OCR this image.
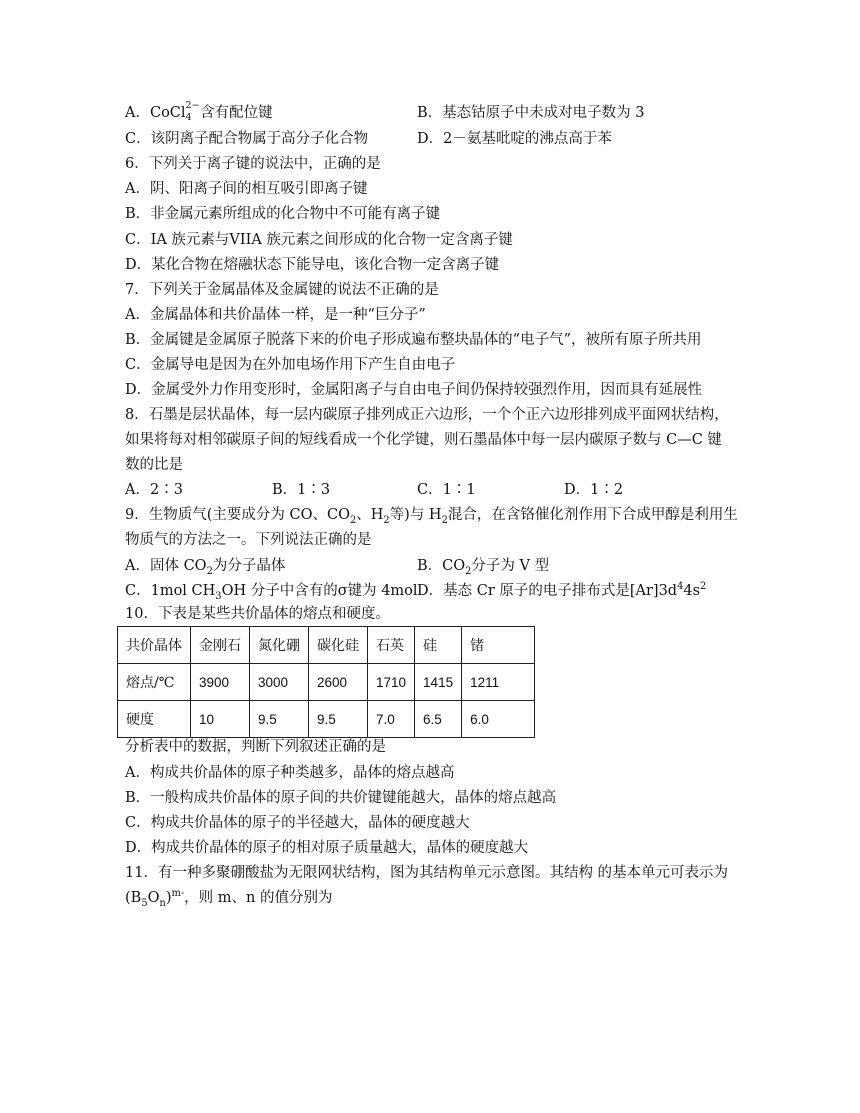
A．CoCl 2−
4 含有配位键	B．基态钴原子中未成对电子数为 3
C．该阴离子配合物属于高分子化合物	D．2－氨基吡啶的沸点高于苯
6．下列关于离子键的说法中，正确的是
A．阴、阳离子间的相互吸引即离子键
B．非金属元素所组成的化合物中不可能有离子键
C．IA 族元素与VIIA 族元素之间形成的化合物一定含离子键
D．某化合物在熔融状态下能导电，该化合物一定含离子键
7．下列关于金属晶体及金属键的说法不正确的是
A．金属晶体和共价晶体一样，是一种“巨分子”
B．金属键是金属原子脱落下来的价电子形成遍布整块晶体的“电子气”，被所有原子所共用
C．金属导电是因为在外加电场作用下产生自由电子
D．金属受外力作用变形时，金属阳离子与自由电子间仍保持较强烈作用，因而具有延展性
8．石墨是层状晶体，每一层内碳原子排列成正六边形，一个个正六边形排列成平面网状结构，
如果将每对相邻碳原子间的短线看成一个化学键，则石墨晶体中每一层内碳原子数与 C—C 键
数的比是
A．2∶3	B．1∶3	C．1∶1	D．1∶2
9．生物质气(主要成分为 CO、$CO_2$、$H_2$等)与 $H_2$混合，在含铬催化剂作用下合成甲醇是利用生
物质气的方法之一。下列说法正确的是
A．固体 $CO_2$为分子晶体	B．$CO_2$分子为 V 型
C．1mol $CH_3OH$ 分子中含有的σ键为 4mol D．基态 Cr 原子的电子排布式是$[Ar]3d^44s^2$
10．下表是某些共价晶体的熔点和硬度。
共价晶体	金刚石	氮化硼	碳化硅	石英	硅	锗
熔点/℃	3900	3000	2600	1710	1415	1211
硬度	10	9.5	9.5	7.0	6.5	6.0
分析表中的数据，判断下列叙述正确的是
A．构成共价晶体的原子种类越多，晶体的熔点越高
B．一般构成共价晶体的原子间的共价键键能越大，晶体的熔点越高
C．构成共价晶体的原子的半径越大，晶体的硬度越大
D．构成共价晶体的原子的相对原子质量越大，晶体的硬度越大
11．有一种多聚硼酸盐为无限网状结构，图为其结构单元示意图。其结构 的基本单元可表示为
$(B_5O_n)^{m-}$，则 m、n 的值分别为
